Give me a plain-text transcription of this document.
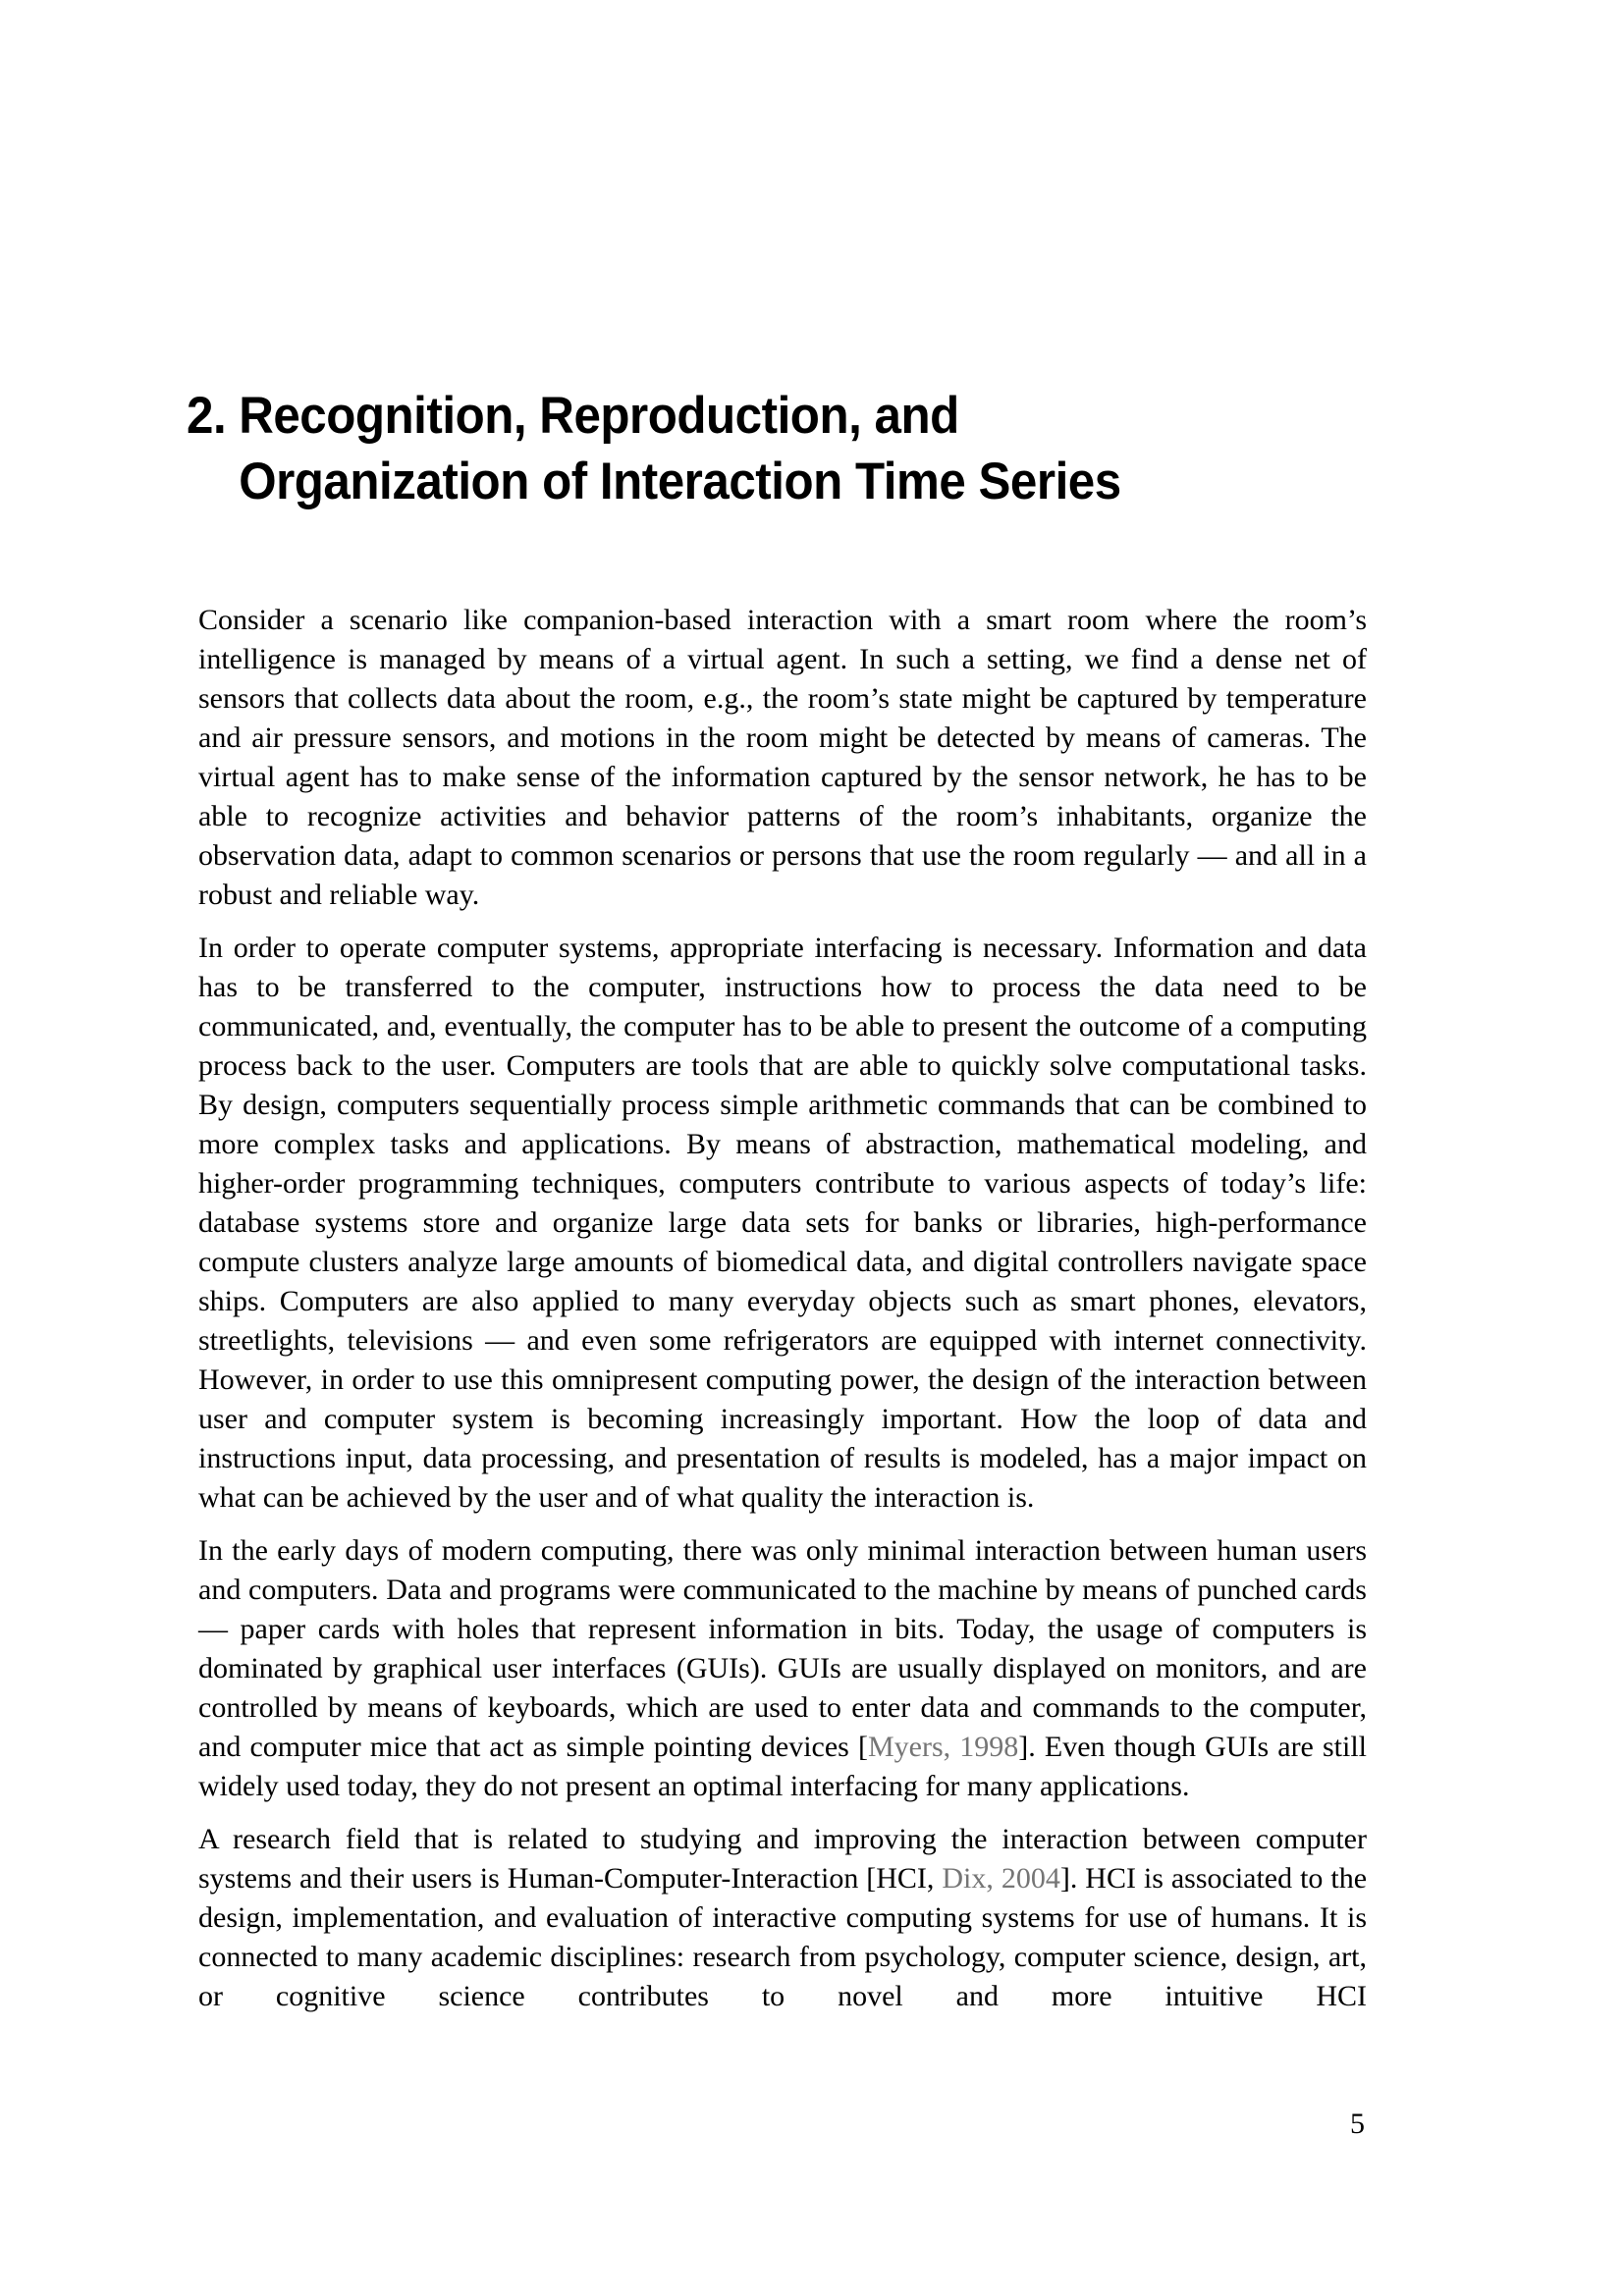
2. Recognition, Reproduction, and
Organization of Interaction Time Series

Consider a scenario like companion-based interaction with a smart room where the room’s intelligence is managed by means of a virtual agent. In such a setting, we find a dense net of sensors that collects data about the room, e.g., the room’s state might be captured by temperature and air pressure sensors, and motions in the room might be detected by means of cameras. The virtual agent has to make sense of the information captured by the sensor network, he has to be able to recognize activities and behavior patterns of the room’s inhabitants, organize the observation data, adapt to common scenarios or persons that use the room regularly — and all in a robust and reliable way.

In order to operate computer systems, appropriate interfacing is necessary. Information and data has to be transferred to the computer, instructions how to process the data need to be communicated, and, eventually, the computer has to be able to present the outcome of a computing process back to the user. Computers are tools that are able to quickly solve computational tasks. By design, computers sequentially process simple arithmetic commands that can be combined to more complex tasks and applications. By means of abstraction, mathematical modeling, and higher-order programming techniques, computers contribute to various aspects of today’s life: database systems store and organize large data sets for banks or libraries, high-performance compute clusters analyze large amounts of biomedical data, and digital controllers navigate space ships. Computers are also applied to many everyday objects such as smart phones, elevators, streetlights, televisions — and even some refrigerators are equipped with internet connectivity. However, in order to use this omnipresent computing power, the design of the interaction between user and computer system is becoming increasingly important. How the loop of data and instructions input, data processing, and presentation of results is modeled, has a major impact on what can be achieved by the user and of what quality the interaction is.

In the early days of modern computing, there was only minimal interaction between human users and computers. Data and programs were communicated to the machine by means of punched cards — paper cards with holes that represent information in bits. Today, the usage of computers is dominated by graphical user interfaces (GUIs). GUIs are usually displayed on monitors, and are controlled by means of keyboards, which are used to enter data and commands to the computer, and computer mice that act as simple pointing devices [Myers, 1998]. Even though GUIs are still widely used today, they do not present an optimal interfacing for many applications.

A research field that is related to studying and improving the interaction between computer systems and their users is Human-Computer-Interaction [HCI, Dix, 2004]. HCI is associated to the design, implementation, and evaluation of interactive computing systems for use of humans. It is connected to many academic disciplines: research from psychology, computer science, design, art, or cognitive science contributes to novel and more intuitive HCI

5
